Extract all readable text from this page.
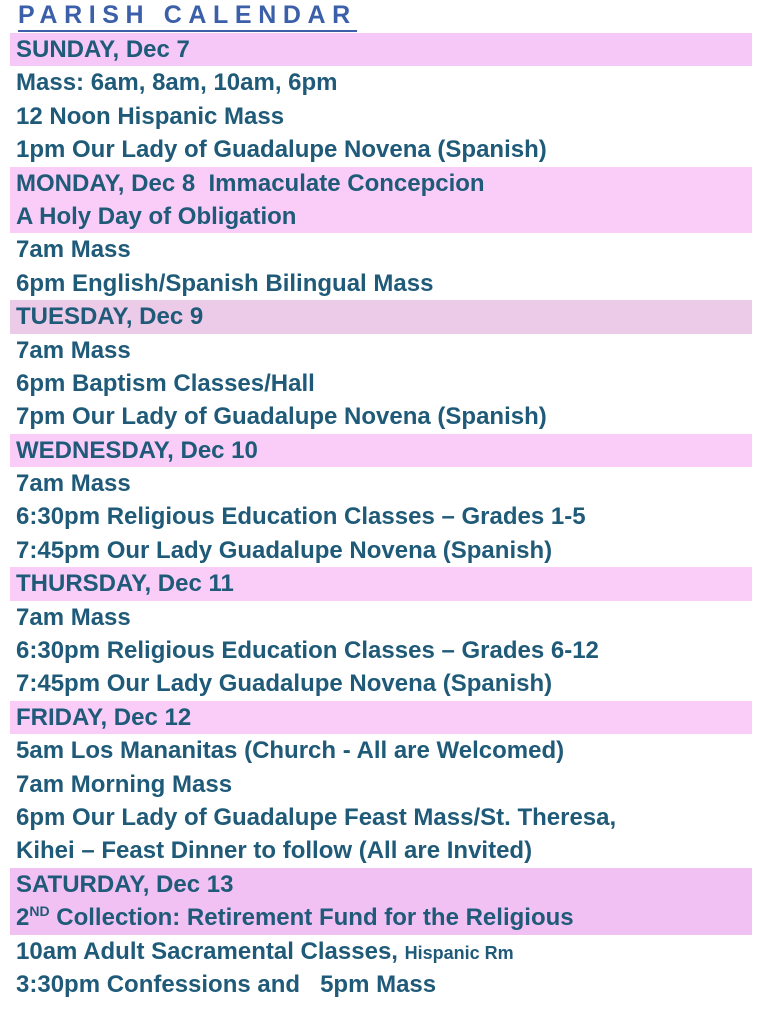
PARISH CALENDAR
SUNDAY, Dec 7
Mass: 6am, 8am, 10am, 6pm
12 Noon Hispanic Mass
1pm Our Lady of Guadalupe Novena (Spanish)
MONDAY, Dec 8  Immaculate Concepcion
A Holy Day of Obligation
7am Mass
6pm English/Spanish Bilingual Mass
TUESDAY, Dec 9
7am Mass
6pm Baptism Classes/Hall
7pm Our Lady of Guadalupe Novena (Spanish)
WEDNESDAY, Dec 10
7am Mass
6:30pm Religious Education Classes – Grades 1-5
7:45pm Our Lady Guadalupe Novena (Spanish)
THURSDAY, Dec 11
7am Mass
6:30pm Religious Education Classes – Grades 6-12
7:45pm Our Lady Guadalupe Novena (Spanish)
FRIDAY, Dec 12
5am Los Mananitas (Church - All are Welcomed)
7am Morning Mass
6pm Our Lady of Guadalupe Feast Mass/St. Theresa,
Kihei – Feast Dinner to follow (All are Invited)
SATURDAY, Dec 13
2ND Collection: Retirement Fund for the Religious
10am Adult Sacramental Classes, Hispanic Rm
3:30pm Confessions and   5pm Mass
